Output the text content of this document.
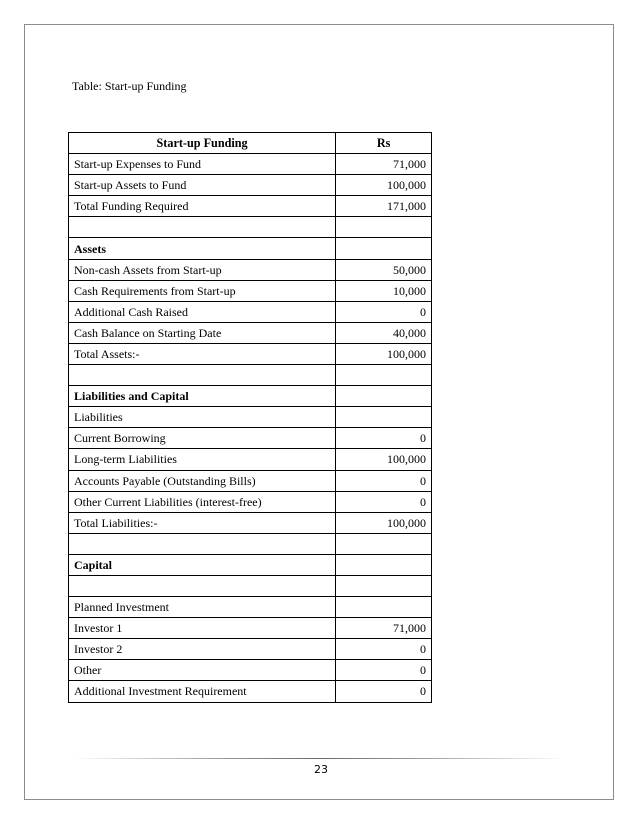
Table: Start-up Funding
Start-up Funding	Rs
Start-up Expenses to Fund	71,000
Start-up Assets to Fund	100,000
Total Funding Required	171,000

Assets	
Non-cash Assets from Start-up	50,000
Cash Requirements from Start-up	10,000
Additional Cash Raised	0
Cash Balance on Starting Date	40,000
Total Assets:-	100,000

Liabilities and Capital	
Liabilities	
Current Borrowing	0
Long-term Liabilities	100,000
Accounts Payable (Outstanding Bills)	0
Other Current Liabilities (interest-free)	0
Total Liabilities:-	100,000

Capital	

Planned Investment	
Investor 1	71,000
Investor 2	0
Other	0
Additional Investment Requirement	0
23
